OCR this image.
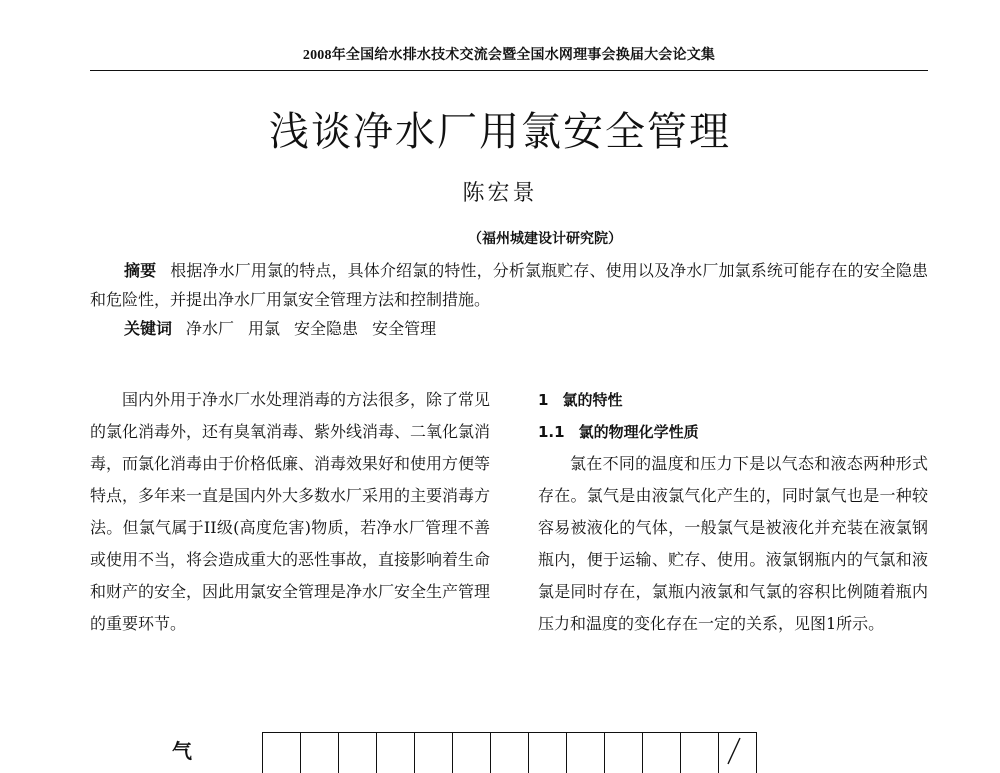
2008年全国给水排水技术交流会暨全国水网理事会换届大会论文集
浅谈净水厂用氯安全管理
陈宏景
（福州城建设计研究院）

摘要 根据净水厂用氯的特点，具体介绍氯的特性，分析氯瓶贮存、使用以及净水厂加氯系统可能存在的安全隐患和危险性，并提出净水厂用氯安全管理方法和控制措施。

关键词 净水厂 用氯 安全隐患 安全管理

国内外用于净水厂水处理消毒的方法很多，除了常见的氯化消毒外，还有臭氧消毒、紫外线消毒、二氧化氯消毒，而氯化消毒由于价格低廉、消毒效果好和使用方便等特点，多年来一直是国内外大多数水厂采用的主要消毒方法。但氯气属于II级(高度危害)物质，若净水厂管理不善或使用不当，将会造成重大的恶性事故，直接影响着生命和财产的安全，因此用氯安全管理是净水厂安全生产管理的重要环节。

1 氯的特性

1.1 氯的物理化学性质

氯在不同的温度和压力下是以气态和液态两种形式存在。氯气是由液氯气化产生的，同时氯气也是一种较容易被液化的气体，一般氯气是被液化并充装在液氯钢瓶内，便于运输、贮存、使用。液氯钢瓶内的气氯和液氯是同时存在，氯瓶内液氯和气氯的容积比例随着瓶内压力和温度的变化存在一定的关系，见图1所示。

气
